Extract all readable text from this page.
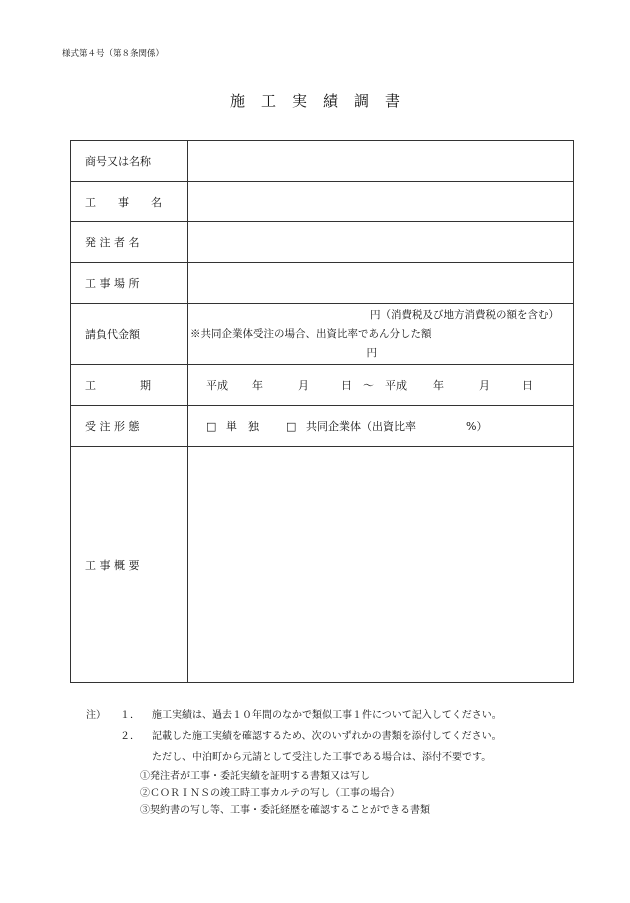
様式第４号（第８条関係）
施 工 実 績 調 書
商号又は名称	
工　　事　　名	
発 注 者 名	
工 事 場 所	
請負代金額	円（消費税及び地方消費税の額を含む）
※共同企業体受注の場合、出資比率であん分した額
円

工　　　　期	平成 年 月 日 ～ 平成 年 月 日
受 注 形 態	□ 単　独 □ 共同企業体（出資比率 %）
工 事 概 要	
注） １． 施工実績は、過去１０年間のなかで類似工事１件について記入してください。
２． 記載した施工実績を確認するため、次のいずれかの書類を添付してください。
ただし、中泊町から元請として受注した工事である場合は、添付不要です。
①発注者が工事・委託実績を証明する書類又は写し
②ＣＯＲＩＮＳの竣工時工事カルテの写し（工事の場合）
③契約書の写し等、工事・委託経歴を確認することができる書類
